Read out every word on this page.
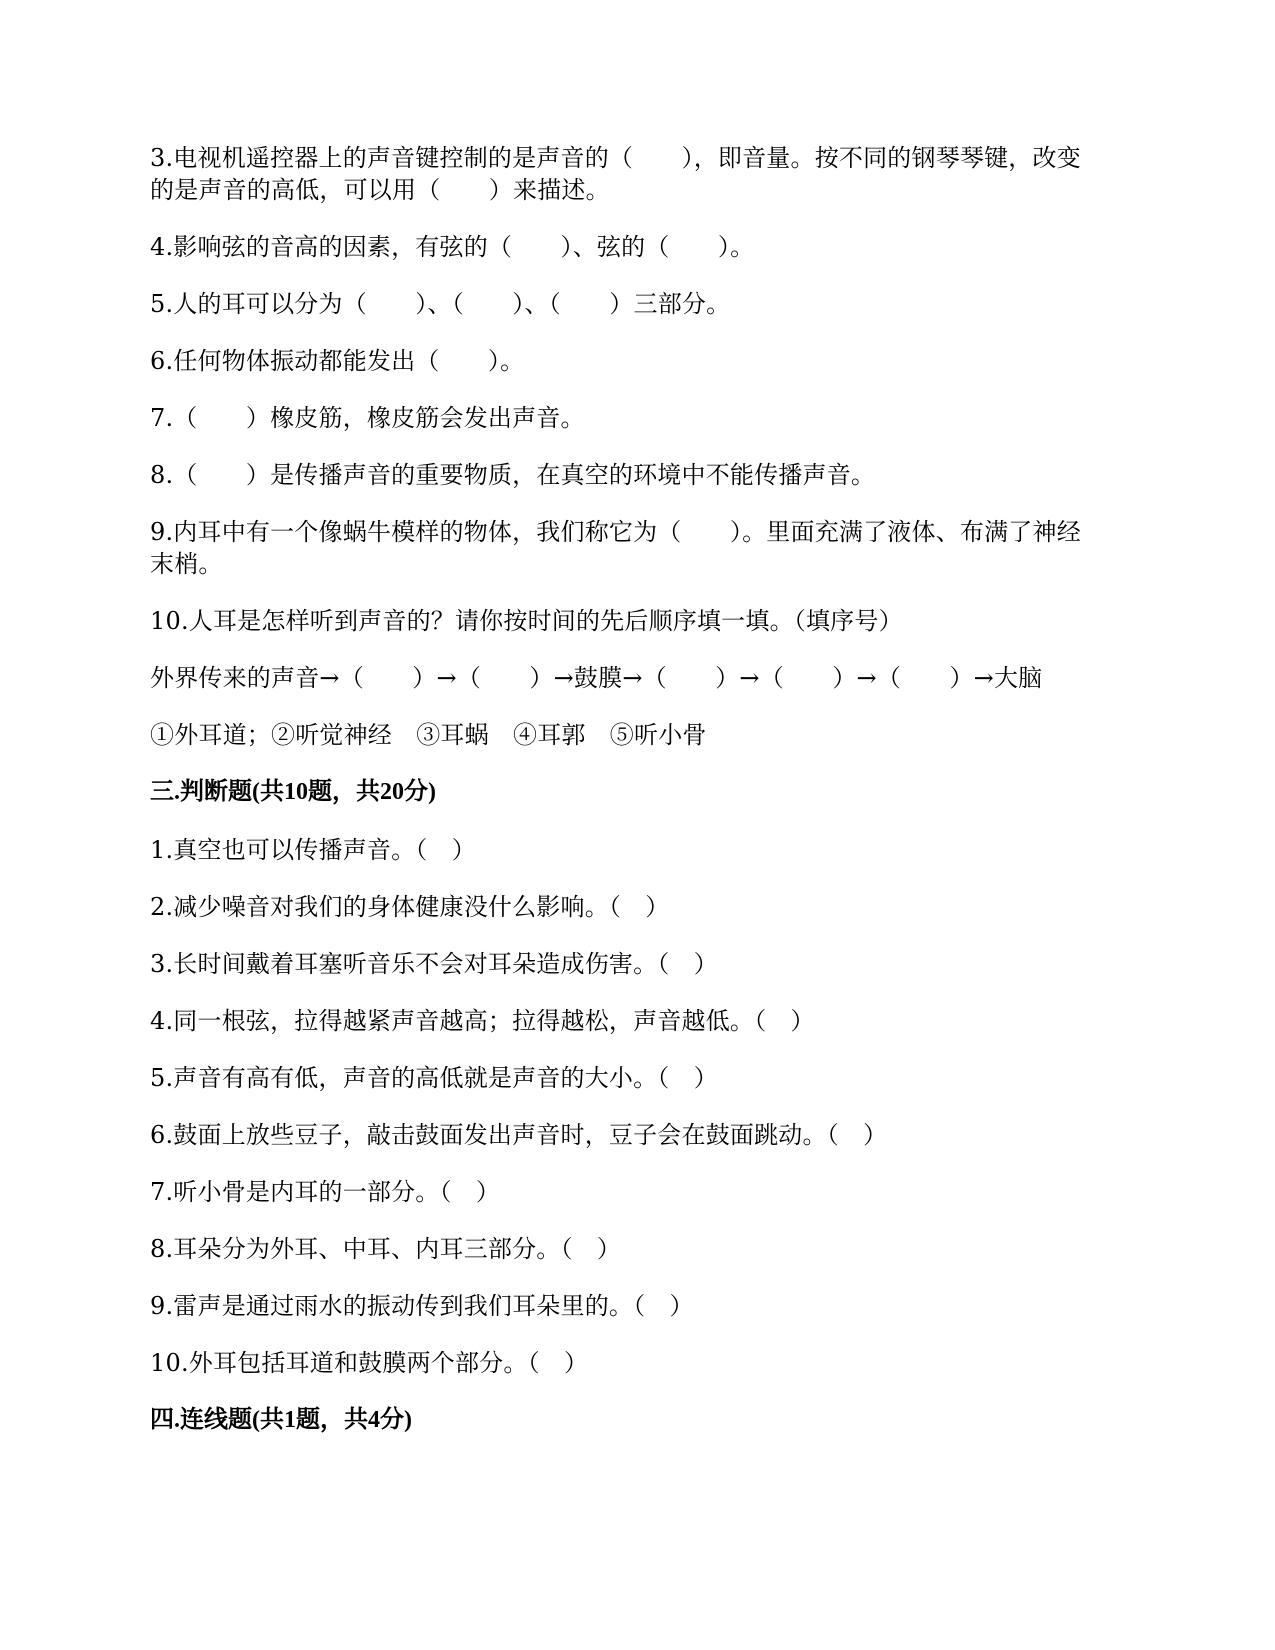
3.电视机遥控器上的声音键控制的是声音的（　　），即音量。按不同的钢琴琴键，改变

的是声音的高低，可以用（　　）来描述。

4.影响弦的音高的因素，有弦的（　　）、弦的（　　）。

5.人的耳可以分为（　　）、（　　）、（　　）三部分。

6.任何物体振动都能发出（　　）。

7.（　　）橡皮筋，橡皮筋会发出声音。

8.（　　）是传播声音的重要物质，在真空的环境中不能传播声音。

9.内耳中有一个像蜗牛模样的物体，我们称它为（　　）。里面充满了液体、布满了神经

末梢。

10.人耳是怎样听到声音的？请你按时间的先后顺序填一填。（填序号）

外界传来的声音→（　　）→（　　）→鼓膜→（　　）→（　　）→（　　）→大脑

①外耳道；②听觉神经　③耳蜗　④耳郭　⑤听小骨

三.判断题(共10题，共20分)

1.真空也可以传播声音。（　）

2.减少噪音对我们的身体健康没什么影响。（　）

3.长时间戴着耳塞听音乐不会对耳朵造成伤害。（　）

4.同一根弦，拉得越紧声音越高；拉得越松，声音越低。（　）

5.声音有高有低，声音的高低就是声音的大小。（　）

6.鼓面上放些豆子，敲击鼓面发出声音时，豆子会在鼓面跳动。（　）

7.听小骨是内耳的一部分。（　）

8.耳朵分为外耳、中耳、内耳三部分。（　）

9.雷声是通过雨水的振动传到我们耳朵里的。（　）

10.外耳包括耳道和鼓膜两个部分。（　）

四.连线题(共1题，共4分)
